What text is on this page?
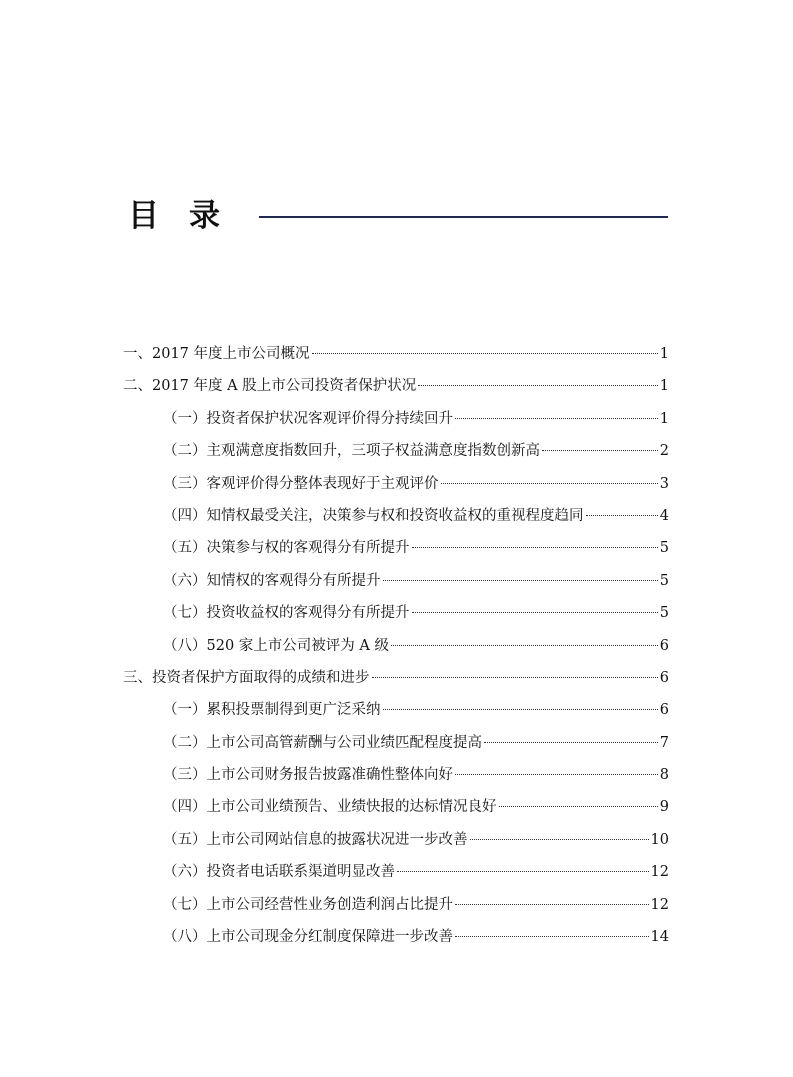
目录
一、2017 年度上市公司概况	1
二、2017 年度 A 股上市公司投资者保护状况	1
（一）投资者保护状况客观评价得分持续回升	1
（二）主观满意度指数回升，三项子权益满意度指数创新高	2
（三）客观评价得分整体表现好于主观评价	3
（四）知情权最受关注，决策参与权和投资收益权的重视程度趋同	4
（五）决策参与权的客观得分有所提升	5
（六）知情权的客观得分有所提升	5
（七）投资收益权的客观得分有所提升	5
（八）520 家上市公司被评为 A 级	6
三、投资者保护方面取得的成绩和进步	6
（一）累积投票制得到更广泛采纳	6
（二）上市公司高管薪酬与公司业绩匹配程度提高	7
（三）上市公司财务报告披露准确性整体向好	8
（四）上市公司业绩预告、业绩快报的达标情况良好	9
（五）上市公司网站信息的披露状况进一步改善	10
（六）投资者电话联系渠道明显改善	12
（七）上市公司经营性业务创造利润占比提升	12
（八）上市公司现金分红制度保障进一步改善	14
